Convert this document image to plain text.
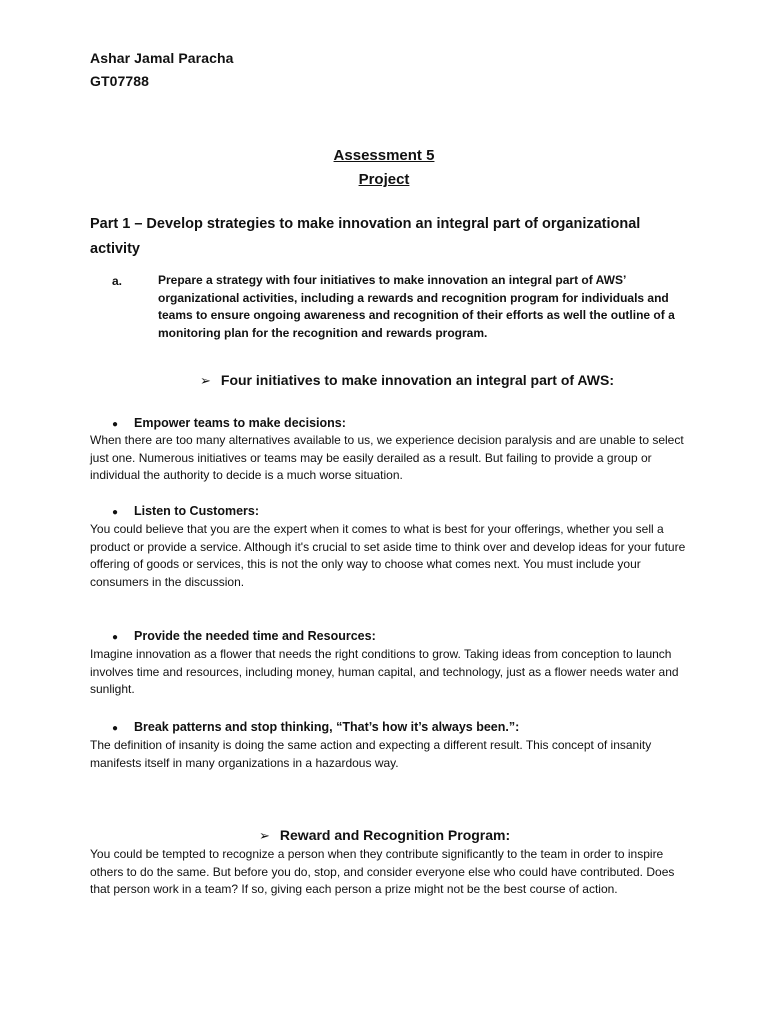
Ashar Jamal Paracha

GT07788

Assessment 5

Project

Part 1 – Develop strategies to make innovation an integral part of organizational activity

a.	Prepare a strategy with four initiatives to make innovation an integral part of AWS’ organizational activities, including a rewards and recognition program for individuals and teams to ensure ongoing awareness and recognition of their efforts as well the outline of a monitoring plan for the recognition and rewards program.

➢ Four initiatives to make innovation an integral part of AWS:
● Empower teams to make decisions:

When there are too many alternatives available to us, we experience decision paralysis and are unable to select just one. Numerous initiatives or teams may be easily derailed as a result. But failing to provide a group or individual the authority to decide is a much worse situation.

● Listen to Customers:

You could believe that you are the expert when it comes to what is best for your offerings, whether you sell a product or provide a service. Although it's crucial to set aside time to think over and develop ideas for your future offering of goods or services, this is not the only way to choose what comes next. You must include your consumers in the discussion.

● Provide the needed time and Resources:

Imagine innovation as a flower that needs the right conditions to grow. Taking ideas from conception to launch involves time and resources, including money, human capital, and technology, just as a flower needs water and sunlight.

● Break patterns and stop thinking, “That’s how it’s always been.”:

The definition of insanity is doing the same action and expecting a different result. This concept of insanity manifests itself in many organizations in a hazardous way.

➢ Reward and Recognition Program:

You could be tempted to recognize a person when they contribute significantly to the team in order to inspire others to do the same. But before you do, stop, and consider everyone else who could have contributed. Does that person work in a team? If so, giving each person a prize might not be the best course of action.
